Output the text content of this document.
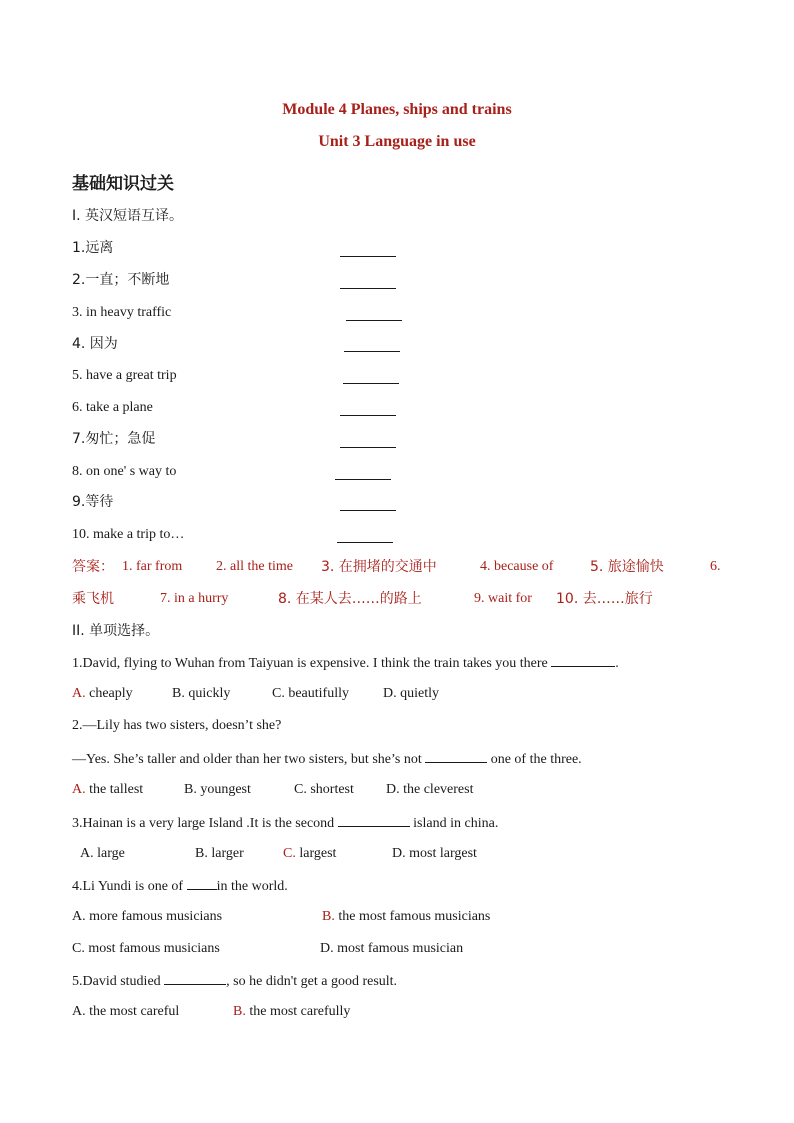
Module 4 Planes, ships and trains
Unit 3 Language in use
基础知识过关
I. 英汉短语互译。
1.远离
2.一直；不断地
3. in heavy traffic
4. 因为
5. have a great trip
6. take a plane
7.匆忙；急促
8. on one' s way to
9.等待
10. make a trip to…
答案： 1. far from 2. all the time 3. 在拥堵的交通中	4. because of	5. 旅途愉快	6.
乘飞机	7. in a hurry	8. 在某人去……的路上	9. wait for 10. 去……旅行
II. 单项选择。
1.David, flying to Wuhan from Taiyuan is expensive. I think the train takes you there	.
A. cheaply	B. quickly	C. beautifully D. quietly
2.—Lily has two sisters, doesn’t she?
—Yes. She’s taller and older than her two sisters, but she’s not	one of the three.
A. the tallest	B. youngest	C. shortest D. the cleverest
3.Hainan is a very large Island .It is the second	island in china.
A. large	B. larger	C. largest	D. most largest
4.Li Yundi is one of in the world.
A. more famous musicians	B. the most famous musicians
C. most famous musicians	D. most famous musician
5.David studied	, so he didn't get a good result.
A. the most careful	B. the most carefully
